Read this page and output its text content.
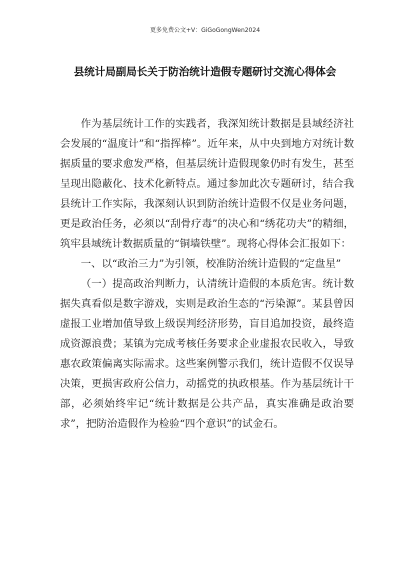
更多免费公文+V：GiGoGongWen2024
县统计局副局长关于防治统计造假专题研讨交流心得体会

作为基层统计工作的实践者，我深知统计数据是县域经济社会发展的“温度计”和“指挥棒”。近年来，从中央到地方对统计数据质量的要求愈发严格，但基层统计造假现象仍时有发生，甚至呈现出隐蔽化、技术化新特点。通过参加此次专题研讨，结合我县统计工作实际，我深刻认识到防治统计造假不仅是业务问题，更是政治任务，必须以“刮骨疗毒”的决心和“绣花功夫”的精细，筑牢县域统计数据质量的“铜墙铁壁”。现将心得体会汇报如下：

一、以“政治三力”为引领，校准防治统计造假的“定盘星”

（一）提高政治判断力，认清统计造假的本质危害。统计数据失真看似是数字游戏，实则是政治生态的“污染源”。某县曾因虚报工业增加值导致上级误判经济形势，盲目追加投资，最终造成资源浪费；某镇为完成考核任务要求企业虚报农民收入，导致惠农政策偏离实际需求。这些案例警示我们，统计造假不仅误导决策，更损害政府公信力，动摇党的执政根基。作为基层统计干部，必须始终牢记“统计数据是公共产品，真实准确是政治要求”，把防治造假作为检验“四个意识”的试金石。
